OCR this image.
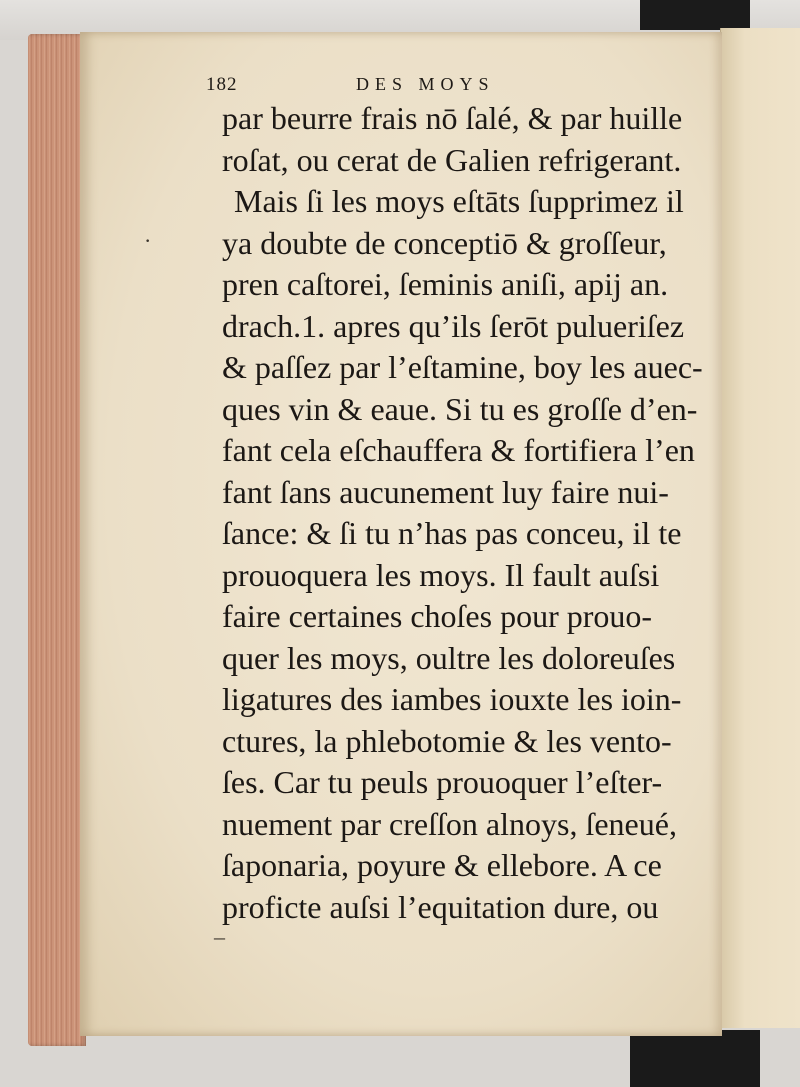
182	DES MOYS
par beurre frais nō ſalé, & par huille
roſat, ou cerat de Galien refrigerant.
Mais ſi les moys eſtāts ſupprimez il
ya doubte de conceptiō & groſſeur,
pren caſtorei, ſeminis aniſi, apij an.
drach.1. apres qu’ils ſerōt pulueriſez
& paſſez par l’eſtamine, boy les auec-
ques vin & eaue. Si tu es groſſe d’en-
fant cela eſchauffera & fortifiera l’en
fant ſans aucunement luy faire nui-
ſance: & ſi tu n’has pas conceu, il te
prouoquera les moys. Il fault auſsi
faire certaines choſes pour prouo-
quer les moys, oultre les doloreuſes
ligatures des iambes iouxte les ioin-
ctures, la phlebotomie & les vento-
ſes. Car tu peuls prouoquer l’eſter-
nuement par creſſon alnoys, ſeneué,
ſaponaria, poyure & ellebore. A ce
proficte auſsi l’equitation dure, ou
·
–
